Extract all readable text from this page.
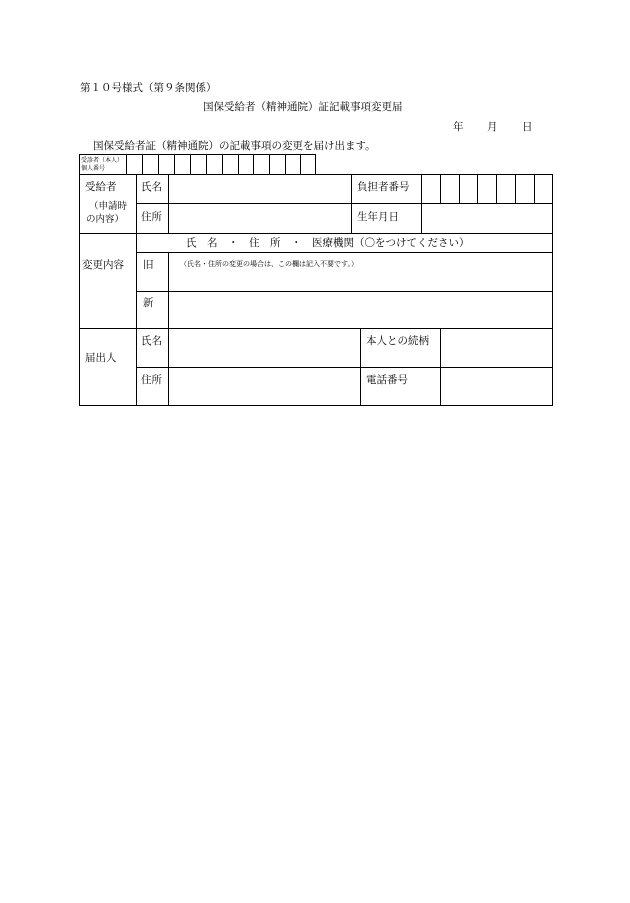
第１０号様式（第９条関係）
国保受給者（精神通院）証記載事項変更届
年 月 日
国保受給者証（精神通院）の記載事項の変更を届け出ます。
受診者（本人）
個人番号
受給者
（申請時
の内容）
氏名
住所
負担者番号
生年月日
変更内容
氏　名　・　住　所　・　医療機関（〇をつけてください）
旧	（氏名・住所の変更の場合は、この欄は記入不要です。）
新
届出人
氏名
住所
本人との続柄
電話番号
